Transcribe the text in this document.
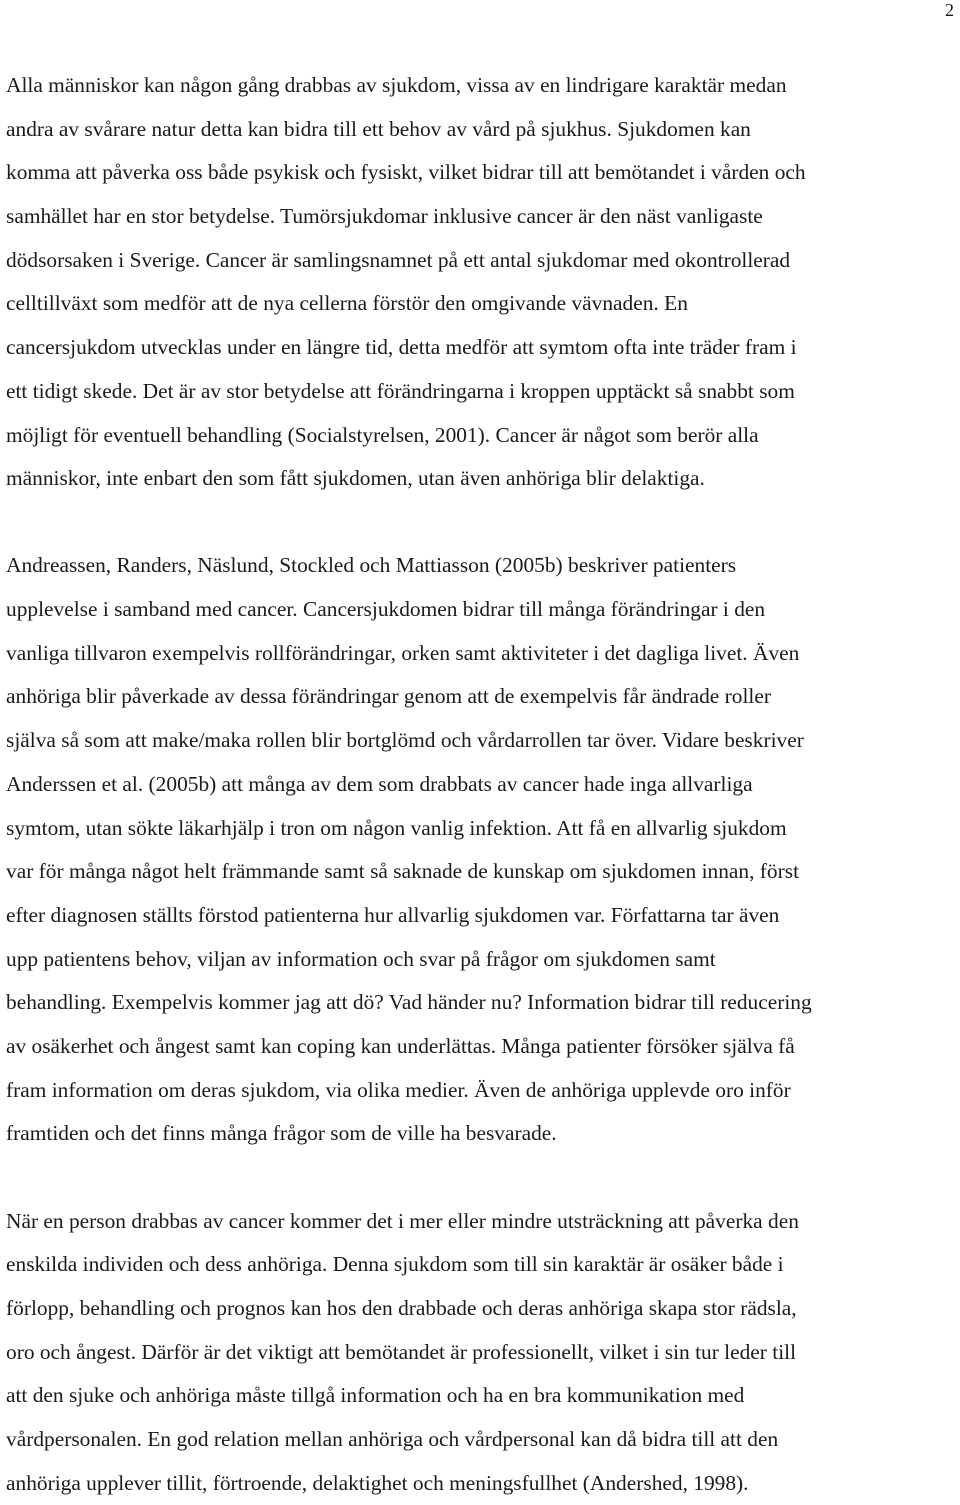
2

Alla människor kan någon gång drabbas av sjukdom, vissa av en lindrigare karaktär medan
andra av svårare natur detta kan bidra till ett behov av vård på sjukhus. Sjukdomen kan
komma att påverka oss både psykisk och fysiskt, vilket bidrar till att bemötandet i vården och
samhället har en stor betydelse. Tumörsjukdomar inklusive cancer är den näst vanligaste
dödsorsaken i Sverige. Cancer är samlingsnamnet på ett antal sjukdomar med okontrollerad
celltillväxt som medför att de nya cellerna förstör den omgivande vävnaden. En
cancersjukdom utvecklas under en längre tid, detta medför att symtom ofta inte träder fram i
ett tidigt skede. Det är av stor betydelse att förändringarna i kroppen upptäckt så snabbt som
möjligt för eventuell behandling (Socialstyrelsen, 2001). Cancer är något som berör alla
människor, inte enbart den som fått sjukdomen, utan även anhöriga blir delaktiga.

Andreassen, Randers, Näslund, Stockled och Mattiasson (2005b) beskriver patienters
upplevelse i samband med cancer. Cancersjukdomen bidrar till många förändringar i den
vanliga tillvaron exempelvis rollförändringar, orken samt aktiviteter i det dagliga livet. Även
anhöriga blir påverkade av dessa förändringar genom att de exempelvis får ändrade roller
själva så som att make/maka rollen blir bortglömd och vårdarrollen tar över. Vidare beskriver
Anderssen et al. (2005b) att många av dem som drabbats av cancer hade inga allvarliga
symtom, utan sökte läkarhjälp i tron om någon vanlig infektion. Att få en allvarlig sjukdom
var för många något helt främmande samt så saknade de kunskap om sjukdomen innan, först
efter diagnosen ställts förstod patienterna hur allvarlig sjukdomen var. Författarna tar även
upp patientens behov, viljan av information och svar på frågor om sjukdomen samt
behandling. Exempelvis kommer jag att dö? Vad händer nu? Information bidrar till reducering
av osäkerhet och ångest samt kan coping kan underlättas. Många patienter försöker själva få
fram information om deras sjukdom, via olika medier. Även de anhöriga upplevde oro inför
framtiden och det finns många frågor som de ville ha besvarade.

När en person drabbas av cancer kommer det i mer eller mindre utsträckning att påverka den
enskilda individen och dess anhöriga. Denna sjukdom som till sin karaktär är osäker både i
förlopp, behandling och prognos kan hos den drabbade och deras anhöriga skapa stor rädsla,
oro och ångest. Därför är det viktigt att bemötandet är professionellt, vilket i sin tur leder till
att den sjuke och anhöriga måste tillgå information och ha en bra kommunikation med
vårdpersonalen. En god relation mellan anhöriga och vårdpersonal kan då bidra till att den
anhöriga upplever tillit, förtroende, delaktighet och meningsfullhet (Andershed, 1998).
